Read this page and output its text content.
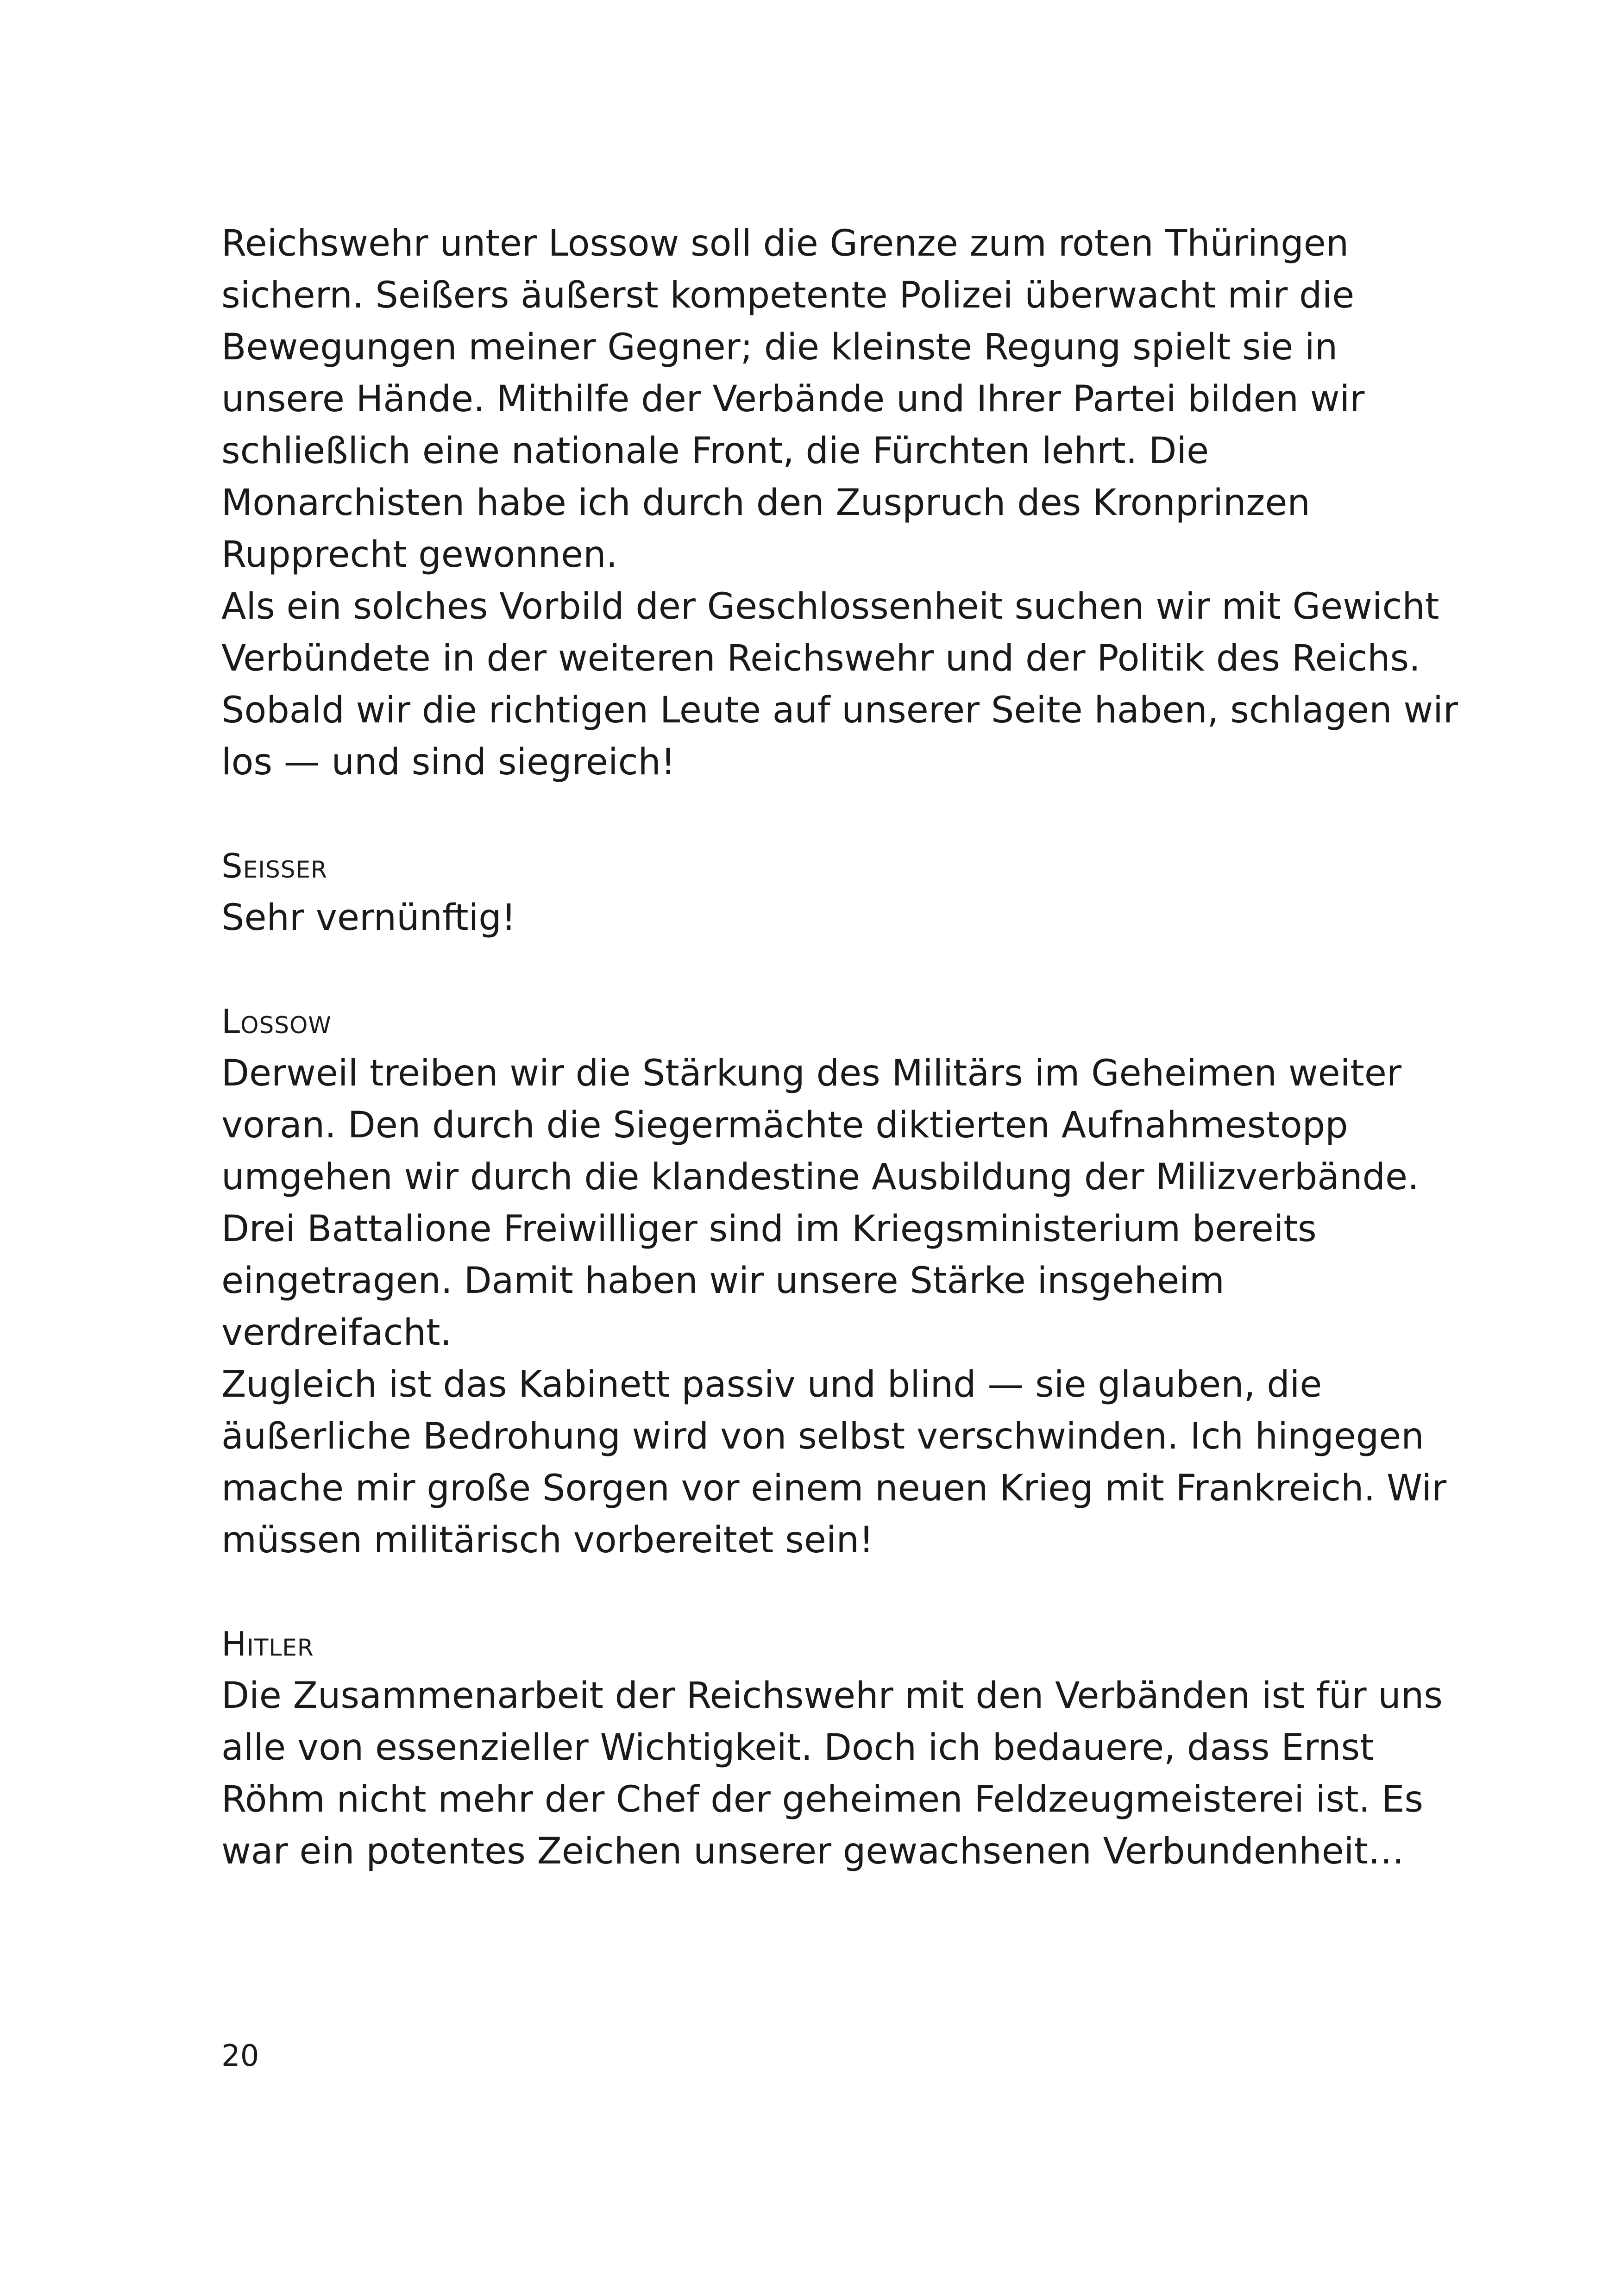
Reichswehr unter Lossow soll die Grenze zum roten Thüringen

sichern. Seißers äußerst kompetente Polizei überwacht mir die

Bewegungen meiner Gegner; die kleinste Regung spielt sie in

unsere Hände. Mithilfe der Verbände und Ihrer Partei bilden wir

schließlich eine nationale Front, die Fürchten lehrt. Die

Monarchisten habe ich durch den Zuspruch des Kronprinzen

Rupprecht gewonnen.

Als ein solches Vorbild der Geschlossenheit suchen wir mit Gewicht

Verbündete in der weiteren Reichswehr und der Politik des Reichs.

Sobald wir die richtigen Leute auf unserer Seite haben, schlagen wir

los — und sind siegreich!

Seisser

Sehr vernünftig!

Lossow

Derweil treiben wir die Stärkung des Militärs im Geheimen weiter

voran. Den durch die Siegermächte diktierten Aufnahmestopp

umgehen wir durch die klandestine Ausbildung der Milizverbände.

Drei Battalione Freiwilliger sind im Kriegsministerium bereits

eingetragen. Damit haben wir unsere Stärke insgeheim

verdreifacht.

Zugleich ist das Kabinett passiv und blind — sie glauben, die

äußerliche Bedrohung wird von selbst verschwinden. Ich hingegen

mache mir große Sorgen vor einem neuen Krieg mit Frankreich. Wir

müssen militärisch vorbereitet sein!

Hitler

Die Zusammenarbeit der Reichswehr mit den Verbänden ist für uns

alle von essenzieller Wichtigkeit. Doch ich bedauere, dass Ernst

Röhm nicht mehr der Chef der geheimen Feldzeugmeisterei ist. Es

war ein potentes Zeichen unserer gewachsenen Verbundenheit…

20
